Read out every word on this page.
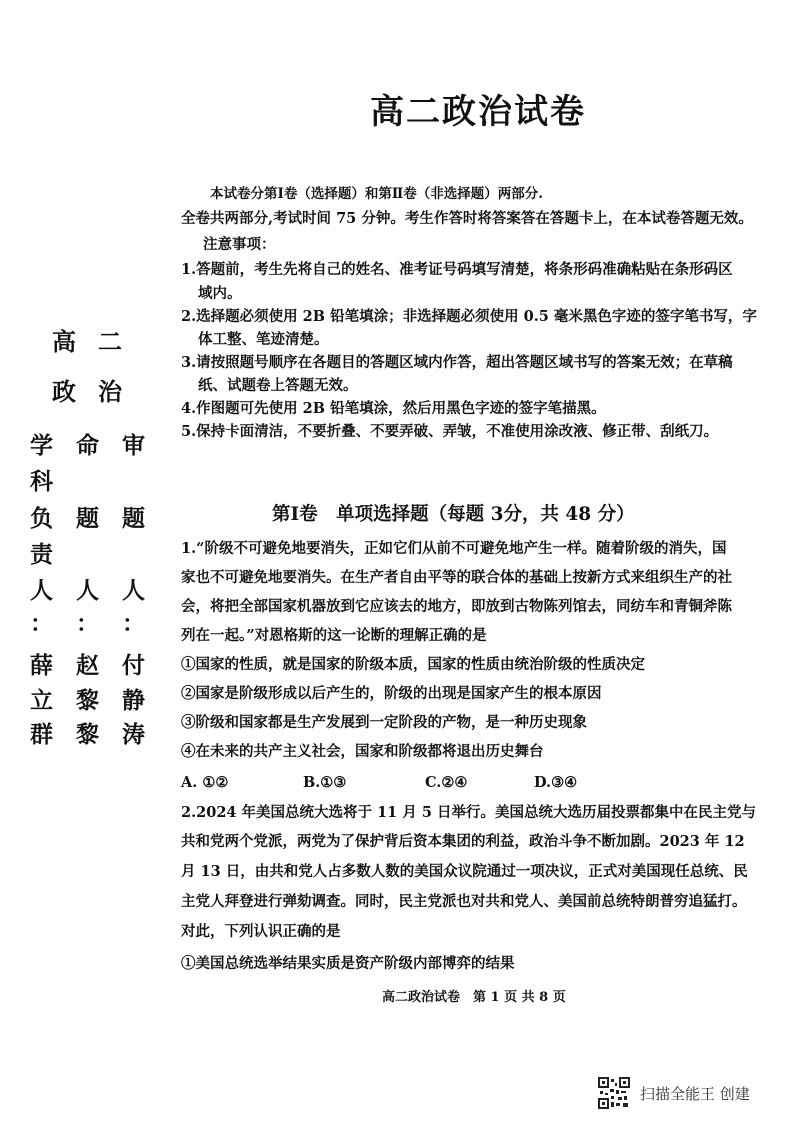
高二政治试卷
本试卷分第Ⅰ卷（选择题）和第Ⅱ卷（非选择题）两部分.
全卷共两部分,考试时间 75 分钟。考生作答时将答案答在答题卡上，在本试卷答题无效。
注意事项：
1.答题前，考生先将自己的姓名、准考证号码填写清楚，将条形码准确粘贴在条形码区
域内。
2.选择题必须使用 2B 铅笔填涂；非选择题必须使用 0.5 毫米黑色字迹的签字笔书写，字
体工整、笔迹清楚。
3.请按照题号顺序在各题目的答题区域内作答，超出答题区域书写的答案无效；在草稿
纸、试题卷上答题无效。
4.作图题可先使用 2B 铅笔填涂，然后用黑色字迹的签字笔描黑。
5.保持卡面清洁，不要折叠、不要弄破、弄皱，不准使用涂改液、修正带、刮纸刀。
高 二
政 治
学 命 审
科
负 题 题
责
人 人 人
： ： ：
薛 赵 付
立 黎 静
群 黎 涛
第Ⅰ卷　单项选择题（每题 3分，共 48 分）
1.“阶级不可避免地要消失，正如它们从前不可避免地产生一样。随着阶级的消失，国
家也不可避免地要消失。在生产者自由平等的联合体的基础上按新方式来组织生产的社
会，将把全部国家机器放到它应该去的地方，即放到古物陈列馆去，同纺车和青铜斧陈
列在一起。”对恩格斯的这一论断的理解正确的是
①国家的性质，就是国家的阶级本质，国家的性质由统治阶级的性质决定
②国家是阶级形成以后产生的，阶级的出现是国家产生的根本原因
③阶级和国家都是生产发展到一定阶段的产物，是一种历史现象
④在未来的共产主义社会，国家和阶级都将退出历史舞台
A. ①②	B.①③	C.②④	D.③④
2.2024 年美国总统大选将于 11 月 5 日举行。美国总统大选历届投票都集中在民主党与
共和党两个党派，两党为了保护背后资本集团的利益，政治斗争不断加剧。2023 年 12
月 13 日，由共和党人占多数人数的美国众议院通过一项决议，正式对美国现任总统、民
主党人拜登进行弹劾调查。同时，民主党派也对共和党人、美国前总统特朗普穷追猛打。
对此，下列认识正确的是
①美国总统选举结果实质是资产阶级内部博弈的结果
高二政治试卷　第 1 页 共 8 页
扫描全能王 创建
